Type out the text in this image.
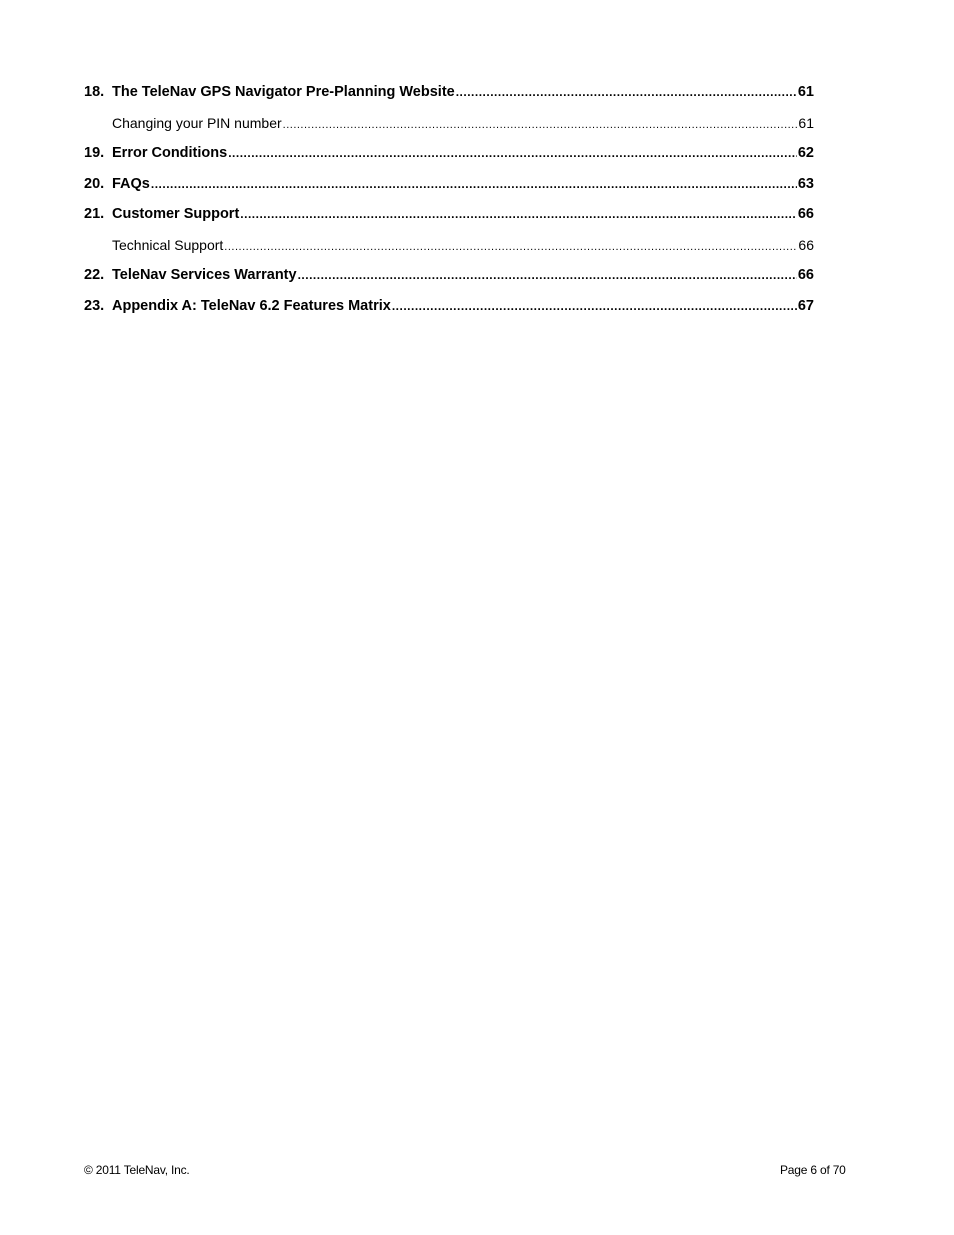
18. The TeleNav GPS Navigator Pre-Planning Website .....	61
Changing your PIN number .....	61
19. Error Conditions .....	62
20. FAQs .....	63
21. Customer Support .....	66
Technical Support .....	66
22. TeleNav Services Warranty .....	66
23. Appendix A: TeleNav 6.2 Features Matrix .....	67
© 2011 TeleNav, Inc.	Page 6 of 70
